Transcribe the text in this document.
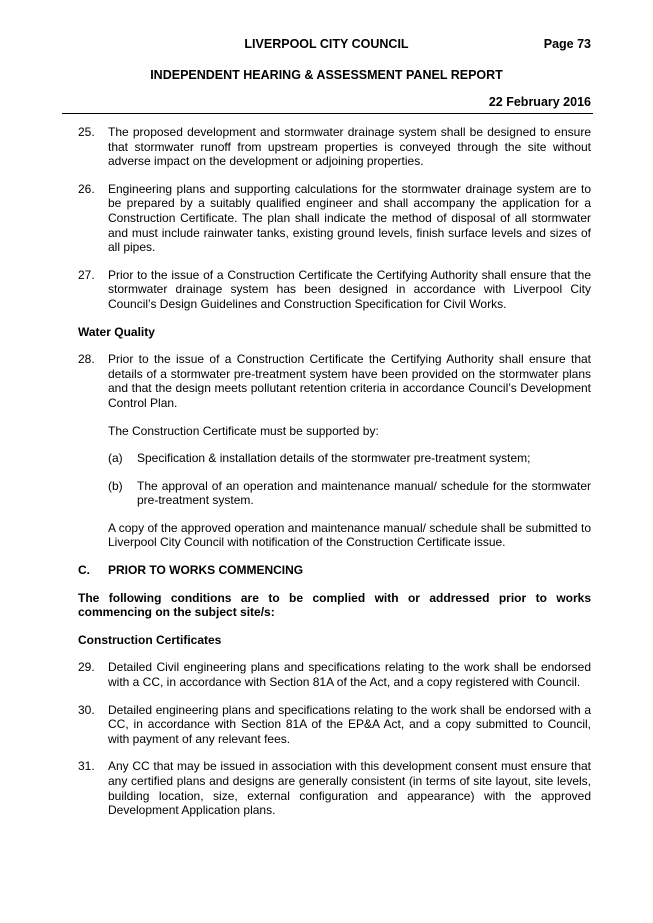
LIVERPOOL CITY COUNCIL	Page 73
INDEPENDENT HEARING & ASSESSMENT PANEL REPORT
22 February 2016
25. The proposed development and stormwater drainage system shall be designed to ensure that stormwater runoff from upstream properties is conveyed through the site without adverse impact on the development or adjoining properties.
26. Engineering plans and supporting calculations for the stormwater drainage system are to be prepared by a suitably qualified engineer and shall accompany the application for a Construction Certificate. The plan shall indicate the method of disposal of all stormwater and must include rainwater tanks, existing ground levels, finish surface levels and sizes of all pipes.
27. Prior to the issue of a Construction Certificate the Certifying Authority shall ensure that the stormwater drainage system has been designed in accordance with Liverpool City Council’s Design Guidelines and Construction Specification for Civil Works.
Water Quality
28. Prior to the issue of a Construction Certificate the Certifying Authority shall ensure that details of a stormwater pre-treatment system have been provided on the stormwater plans and that the design meets pollutant retention criteria in accordance Council’s Development Control Plan.
The Construction Certificate must be supported by:
(a) Specification & installation details of the stormwater pre-treatment system;
(b) The approval of an operation and maintenance manual/ schedule for the stormwater pre-treatment system.
A copy of the approved operation and maintenance manual/ schedule shall be submitted to Liverpool City Council with notification of the Construction Certificate issue.
C. PRIOR TO WORKS COMMENCING
The following conditions are to be complied with or addressed prior to works commencing on the subject site/s:
Construction Certificates
29. Detailed Civil engineering plans and specifications relating to the work shall be endorsed with a CC, in accordance with Section 81A of the Act, and a copy registered with Council.
30. Detailed engineering plans and specifications relating to the work shall be endorsed with a CC, in accordance with Section 81A of the EP&A Act, and a copy submitted to Council, with payment of any relevant fees.
31. Any CC that may be issued in association with this development consent must ensure that any certified plans and designs are generally consistent (in terms of site layout, site levels, building location, size, external configuration and appearance) with the approved Development Application plans.
